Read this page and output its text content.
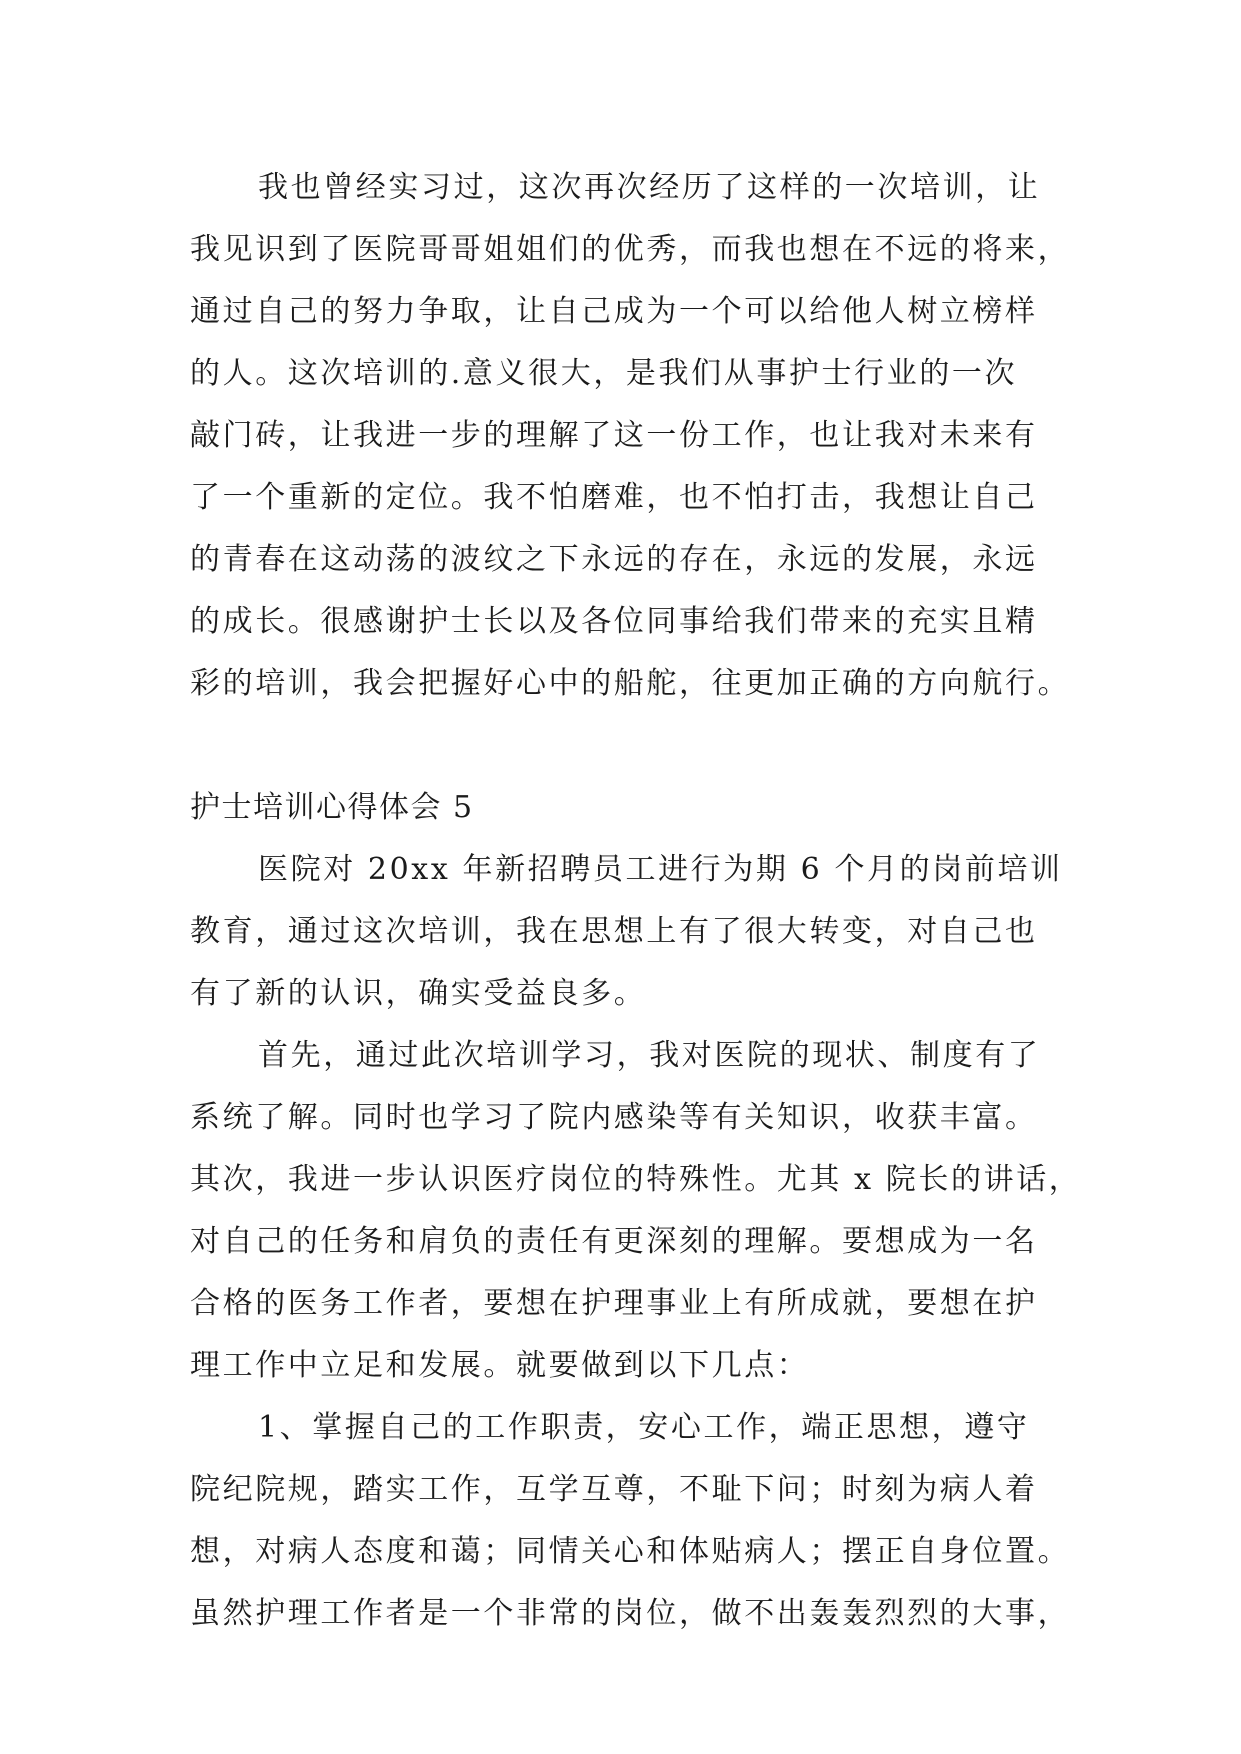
我也曾经实习过，这次再次经历了这样的一次培训，让
我见识到了医院哥哥姐姐们的优秀，而我也想在不远的将来，
通过自己的努力争取，让自己成为一个可以给他人树立榜样
的人。这次培训的.意义很大，是我们从事护士行业的一次
敲门砖，让我进一步的理解了这一份工作，也让我对未来有
了一个重新的定位。我不怕磨难，也不怕打击，我想让自己
的青春在这动荡的波纹之下永远的存在，永远的发展，永远
的成长。很感谢护士长以及各位同事给我们带来的充实且精
彩的培训，我会把握好心中的船舵，往更加正确的方向航行。
护士培训心得体会 5
医院对 20xx 年新招聘员工进行为期 6 个月的岗前培训
教育，通过这次培训，我在思想上有了很大转变，对自己也
有了新的认识，确实受益良多。
首先，通过此次培训学习，我对医院的现状、制度有了
系统了解。同时也学习了院内感染等有关知识，收获丰富。
其次，我进一步认识医疗岗位的特殊性。尤其 x 院长的讲话，
对自己的任务和肩负的责任有更深刻的理解。要想成为一名
合格的医务工作者，要想在护理事业上有所成就，要想在护
理工作中立足和发展。就要做到以下几点：
1、掌握自己的工作职责，安心工作，端正思想，遵守
院纪院规，踏实工作，互学互尊，不耻下问；时刻为病人着
想，对病人态度和蔼；同情关心和体贴病人；摆正自身位置。
虽然护理工作者是一个非常的岗位，做不出轰轰烈烈的大事，
